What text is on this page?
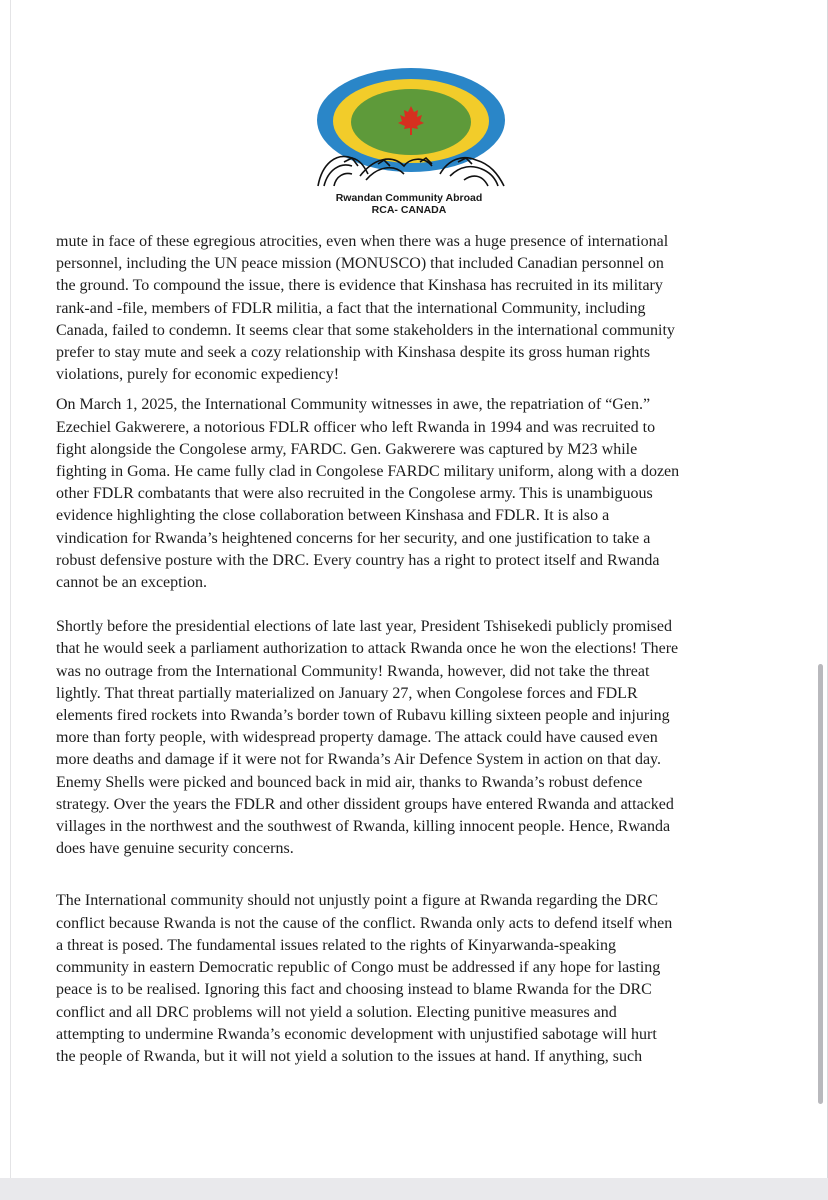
Rwandan Community Abroad
RCA- CANADA
mute in face of these egregious atrocities, even when there was a huge presence of international
personnel, including the UN peace mission (MONUSCO) that included Canadian personnel on
the ground. To compound the issue, there is evidence that Kinshasa has recruited in its military
rank-and -file, members of FDLR militia, a fact that the international Community, including
Canada, failed to condemn. It seems clear that some stakeholders in the international community
prefer to stay mute and seek a cozy relationship with Kinshasa despite its gross human rights
violations, purely for economic expediency!
On March 1, 2025, the International Community witnesses in awe, the repatriation of “Gen.”
Ezechiel Gakwerere, a notorious FDLR officer who left Rwanda in 1994 and was recruited to
fight alongside the Congolese army, FARDC. Gen. Gakwerere was captured by M23 while
fighting in Goma. He came fully clad in Congolese FARDC military uniform, along with a dozen
other FDLR combatants that were also recruited in the Congolese army. This is unambiguous
evidence highlighting the close collaboration between Kinshasa and FDLR. It is also a
vindication for Rwanda’s heightened concerns for her security, and one justification to take a
robust defensive posture with the DRC. Every country has a right to protect itself and Rwanda
cannot be an exception.
Shortly before the presidential elections of late last year, President Tshisekedi publicly promised
that he would seek a parliament authorization to attack Rwanda once he won the elections! There
was no outrage from the International Community! Rwanda, however, did not take the threat
lightly. That threat partially materialized on January 27, when Congolese forces and FDLR
elements fired rockets into Rwanda’s border town of Rubavu killing sixteen people and injuring
more than forty people, with widespread property damage. The attack could have caused even
more deaths and damage if it were not for Rwanda’s Air Defence System in action on that day.
Enemy Shells were picked and bounced back in mid air, thanks to Rwanda’s robust defence
strategy. Over the years the FDLR and other dissident groups have entered Rwanda and attacked
villages in the northwest and the southwest of Rwanda, killing innocent people. Hence, Rwanda
does have genuine security concerns.
The International community should not unjustly point a figure at Rwanda regarding the DRC
conflict because Rwanda is not the cause of the conflict. Rwanda only acts to defend itself when
a threat is posed. The fundamental issues related to the rights of Kinyarwanda-speaking
community in eastern Democratic republic of Congo must be addressed if any hope for lasting
peace is to be realised. Ignoring this fact and choosing instead to blame Rwanda for the DRC
conflict and all DRC problems will not yield a solution. Electing punitive measures and
attempting to undermine Rwanda’s economic development with unjustified sabotage will hurt
the people of Rwanda, but it will not yield a solution to the issues at hand. If anything, such
